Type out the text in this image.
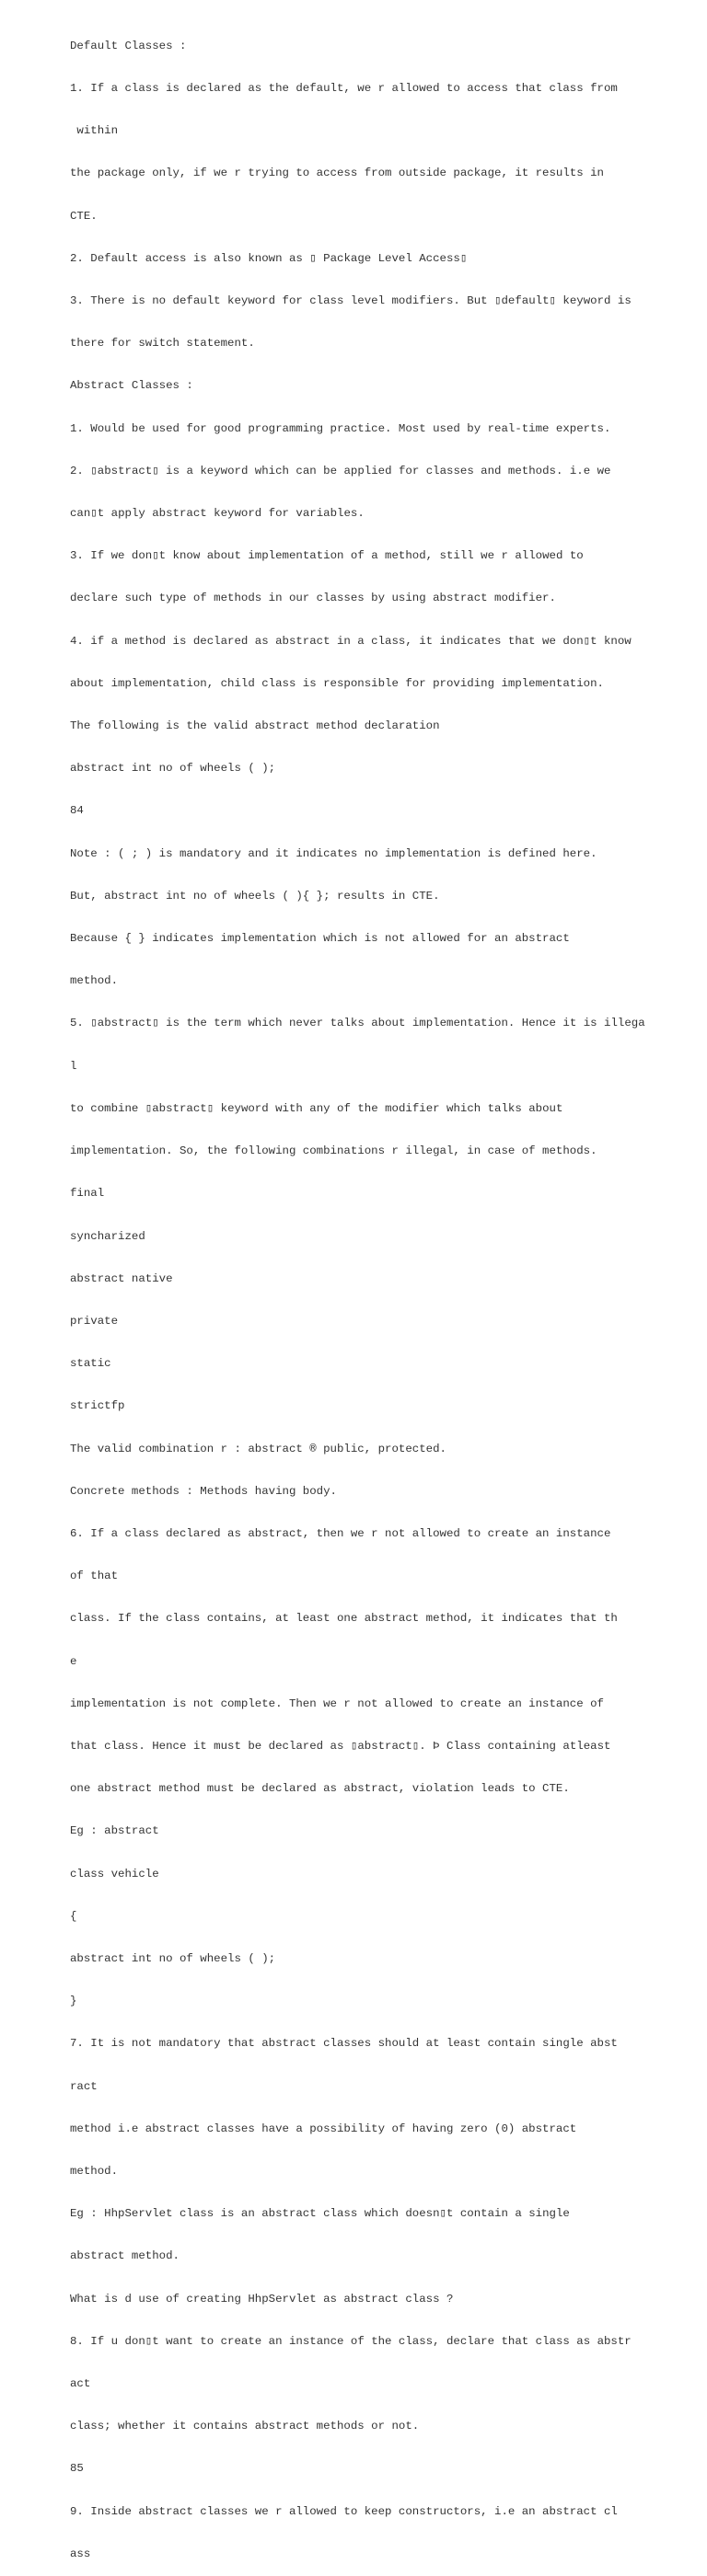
Default Classes :

1. If a class is declared as the default, we r allowed to access that class from

within

the package only, if we r trying to access from outside package, it results in

CTE.

2. Default access is also known as ▯ Package Level Access▯

3. There is no default keyword for class level modifiers. But ▯default▯ keyword is

there for switch statement.

Abstract Classes :

1. Would be used for good programming practice. Most used by real-time experts.

2. ▯abstract▯ is a keyword which can be applied for classes and methods. i.e we

can▯t apply abstract keyword for variables.

3. If we don▯t know about implementation of a method, still we r allowed to

declare such type of methods in our classes by using abstract modifier.

4. if a method is declared as abstract in a class, it indicates that we don▯t know

about implementation, child class is responsible for providing implementation.

The following is the valid abstract method declaration

abstract int no of wheels ( );

84

Note : ( ; ) is mandatory and it indicates no implementation is defined here.

But, abstract int no of wheels ( ){ }; results in CTE.

Because { } indicates implementation which is not allowed for an abstract

method.

5. ▯abstract▯ is the term which never talks about implementation. Hence it is illega

l

to combine ▯abstract▯ keyword with any of the modifier which talks about

implementation. So, the following combinations r illegal, in case of methods.

final

syncharized

abstract native

private

static

strictfp

The valid combination r : abstract ® public, protected.

Concrete methods : Methods having body.

6. If a class declared as abstract, then we r not allowed to create an instance

of that

class. If the class contains, at least one abstract method, it indicates that th

e

implementation is not complete. Then we r not allowed to create an instance of

that class. Hence it must be declared as ▯abstract▯. Þ Class containing atleast

one abstract method must be declared as abstract, violation leads to CTE.

Eg : abstract

class vehicle

{

abstract int no of wheels ( );

}

7. It is not mandatory that abstract classes should at least contain single abst

ract

method i.e abstract classes have a possibility of having zero (0) abstract

method.

Eg : HhpServlet class is an abstract class which doesn▯t contain a single

abstract method.

What is d use of creating HhpServlet as abstract class ?

8. If u don▯t want to create an instance of the class, declare that class as abstr

act

class; whether it contains abstract methods or not.

85

9. Inside abstract classes we r allowed to keep constructors, i.e an abstract cl

ass
